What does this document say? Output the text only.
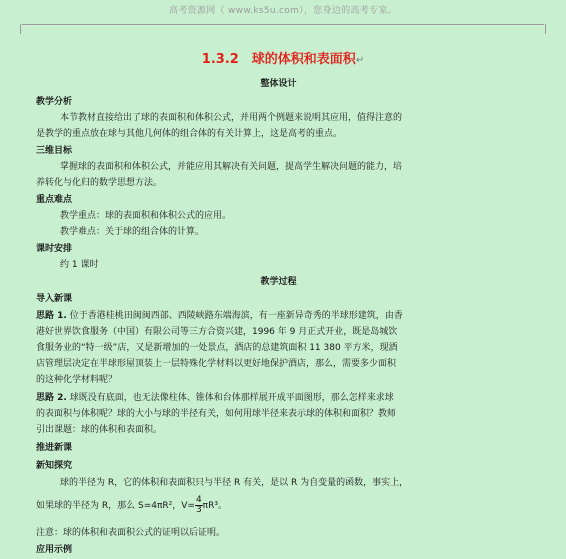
高考资源网（ www.ks5u.com），您身边的高考专家。
1.3.2　球的体积和表面积↵
整体设计
教学分析
本节教材直接给出了球的表面积和体积公式，并用两个例题来说明其应用，值得注意的
是教学的重点放在球与其他几何体的组合体的有关计算上，这是高考的重点。
三维目标
掌握球的表面积和体积公式，并能应用其解决有关问题，提高学生解决问题的能力，培
养转化与化归的数学思想方法。
重点难点
教学重点：球的表面积和体积公式的应用。
教学难点：关于球的组合体的计算。
课时安排
约 1 课时
教学过程
导入新课
思路 1. 位于香港桂桃田闽闽西部、西陵峡路东端海滨，有一座新异奇秀的半球形建筑，由香
港好世界饮食服务（中国）有限公司等三方合资兴建，1996 年 9 月正式开业，既是岛城饮
食服务业的“特一级”店，又是新增加的一处景点，酒店的总建筑面积 11 380 平方米，现酒
店管理层决定在半球形屋顶装上一层特殊化学材料以更好地保护酒店，那么，需要多少面积
的这种化学材料呢？
思路 2. 球既没有底面，也无法像柱体、锥体和台体那样展开成平面图形，那么怎样来求球
的表面积与体积呢？球的大小与球的半径有关，如何用球半径来表示球的体积和面积？教师
引出课题：球的体积和表面积。
推进新课
新知探究
球的半径为 R，它的体积和表面积只与半径 R 有关，是以 R 为自变量的函数，事实上，
如果球的半径为 R，那么 S=4πR²，$V= \frac{4}{3} \pi R^3$。
注意：球的体积和表面积公式的证明以后证明。
应用示例
